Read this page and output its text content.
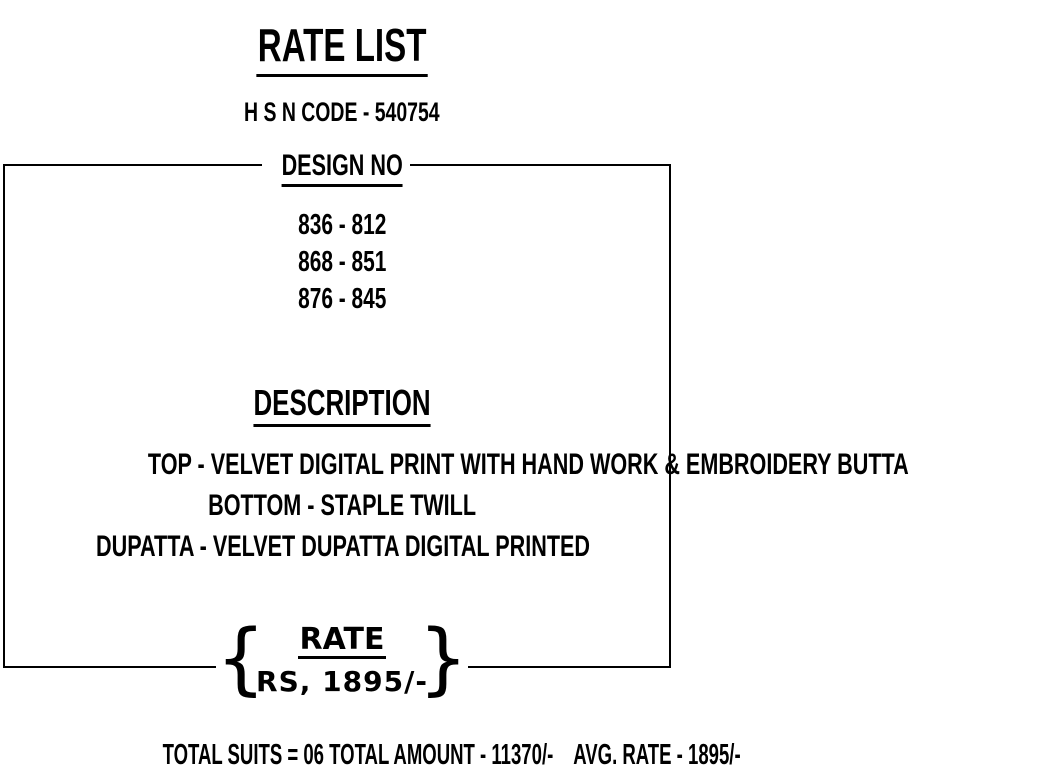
RATE LIST
H S N CODE - 540754
DESIGN NO
836 - 812
868 - 851
876 - 845
DESCRIPTION
TOP - VELVET DIGITAL PRINT WITH HAND WORK & EMBROIDERY BUTTA
BOTTOM - STAPLE TWILL
DUPATTA - VELVET DUPATTA DIGITAL PRINTED
{	RATE
RS, 1895/-
}
TOTAL SUITS = 06 TOTAL AMOUNT - 11370/-    AVG. RATE - 1895/-
